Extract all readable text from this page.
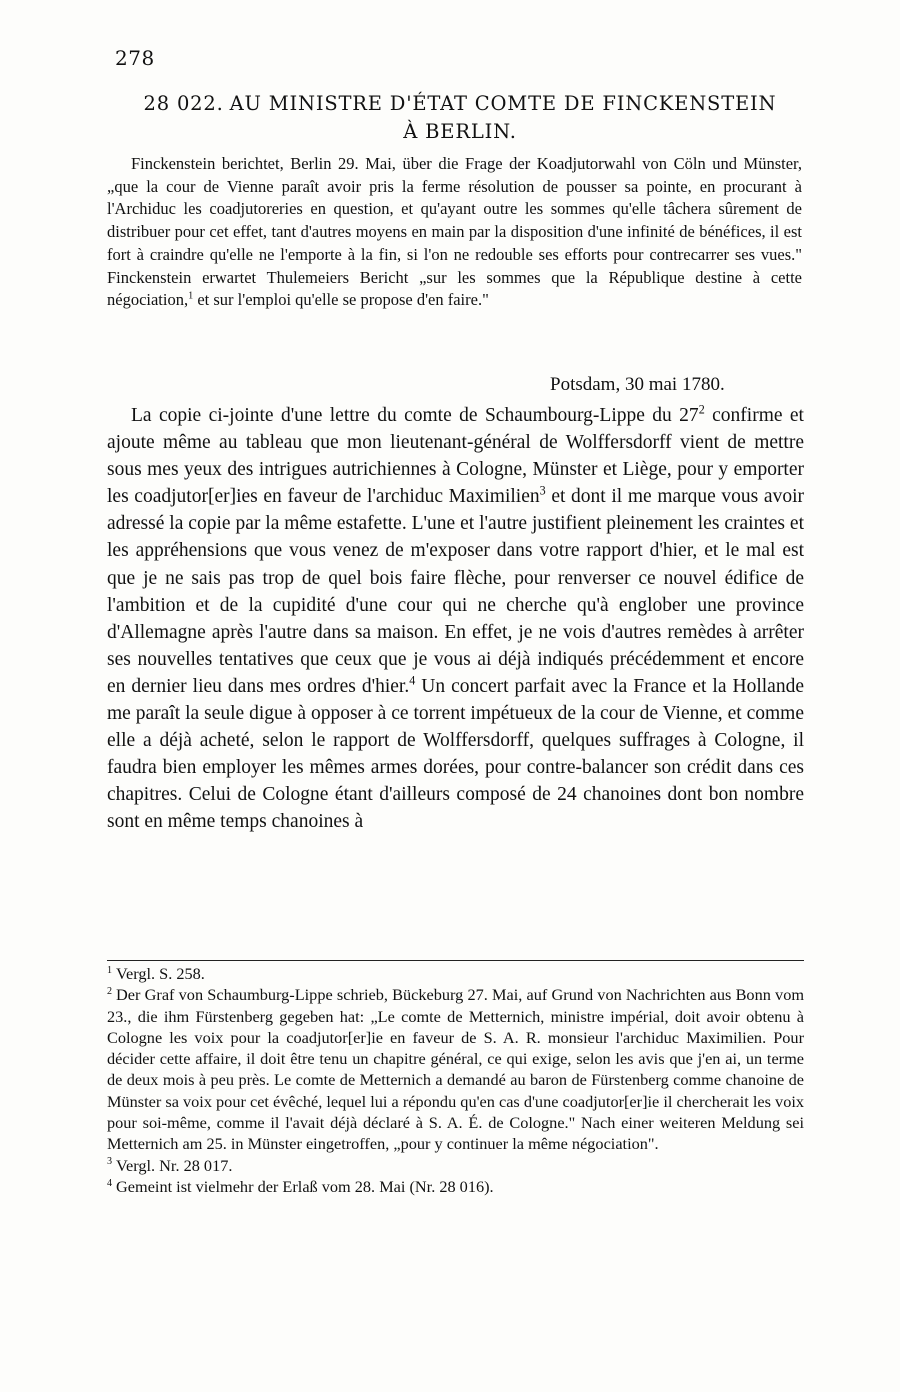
278
28 022. AU MINISTRE D'ÉTAT COMTE DE FINCKENSTEIN
À BERLIN.

Finckenstein berichtet, Berlin 29. Mai, über die Frage der Koadjutorwahl von Cöln und Münster, „que la cour de Vienne paraît avoir pris la ferme résolution de pousser sa pointe, en procurant à l'Archiduc les coadjutoreries en question, et qu'ayant outre les sommes qu'elle tâchera sûrement de distribuer pour cet effet, tant d'autres moyens en main par la disposition d'une infinité de bénéfices, il est fort à craindre qu'elle ne l'emporte à la fin, si l'on ne redouble ses efforts pour contrecarrer ses vues." Finckenstein erwartet Thulemeiers Bericht „sur les sommes que la République destine à cette négociation,$^1$ et sur l'emploi qu'elle se propose d'en faire."

Potsdam, 30 mai 1780.

La copie ci-jointe d'une lettre du comte de Schaumbourg-Lippe du $27^2$ confirme et ajoute même au tableau que mon lieutenant-général de Wolffersdorff vient de mettre sous mes yeux des intrigues autrichiennes à Cologne, Münster et Liège, pour y emporter les coadjutor[er]ies en faveur de l'archiduc Maximilien$^3$ et dont il me marque vous avoir adressé la copie par la même estafette. L'une et l'autre justifient pleinement les craintes et les appréhensions que vous venez de m'exposer dans votre rapport d'hier, et le mal est que je ne sais pas trop de quel bois faire flèche, pour renverser ce nouvel édifice de l'ambition et de la cupidité d'une cour qui ne cherche qu'à englober une province d'Allemagne après l'autre dans sa maison. En effet, je ne vois d'autres remèdes à arrêter ses nouvelles tentatives que ceux que je vous ai déjà indiqués précédemment et encore en dernier lieu dans mes ordres d'hier.$^4$ Un concert parfait avec la France et la Hollande me paraît la seule digue à opposer à ce torrent impétueux de la cour de Vienne, et comme elle a déjà acheté, selon le rapport de Wolffersdorff, quelques suffrages à Cologne, il faudra bien employer les mêmes armes dorées, pour contre-balancer son crédit dans ces chapitres. Celui de Cologne étant d'ailleurs composé de 24 chanoines dont bon nombre sont en même temps chanoines à

$^1$ Vergl. S. 258.

$^2$ Der Graf von Schaumburg-Lippe schrieb, Bückeburg 27. Mai, auf Grund von Nachrichten aus Bonn vom 23., die ihm Fürstenberg gegeben hat: „Le comte de Metternich, ministre impérial, doit avoir obtenu à Cologne les voix pour la coadjutor[er]ie en faveur de S. A. R. monsieur l'archiduc Maximilien. Pour décider cette affaire, il doit être tenu un chapitre général, ce qui exige, selon les avis que j'en ai, un terme de deux mois à peu près. Le comte de Metternich a demandé au baron de Fürstenberg comme chanoine de Münster sa voix pour cet évêché, lequel lui a répondu qu'en cas d'une coadjutor[er]ie il chercherait les voix pour soi-même, comme il l'avait déjà déclaré à S. A. É. de Cologne." Nach einer weiteren Meldung sei Metternich am 25. in Münster eingetroffen, „pour y continuer la même négociation".

$^3$ Vergl. Nr. 28 017.

$^4$ Gemeint ist vielmehr der Erlaß vom 28. Mai (Nr. 28 016).
